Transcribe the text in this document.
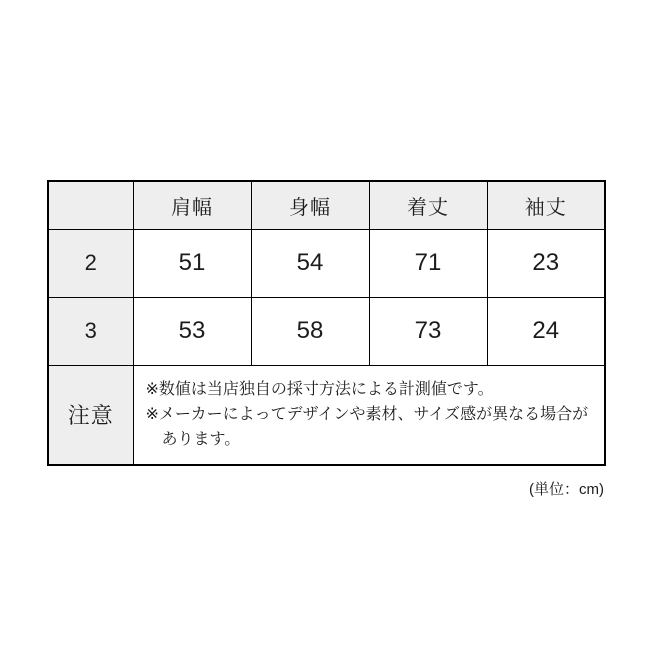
	肩幅	身幅	着丈	袖丈
2	51	54	71	23
3	53	58	73	24
注意	※数値は当店独自の採寸方法による計測値です。
※メーカーによってデザインや素材、サイズ感が異なる場合が
あります。			
(単位：cm)
